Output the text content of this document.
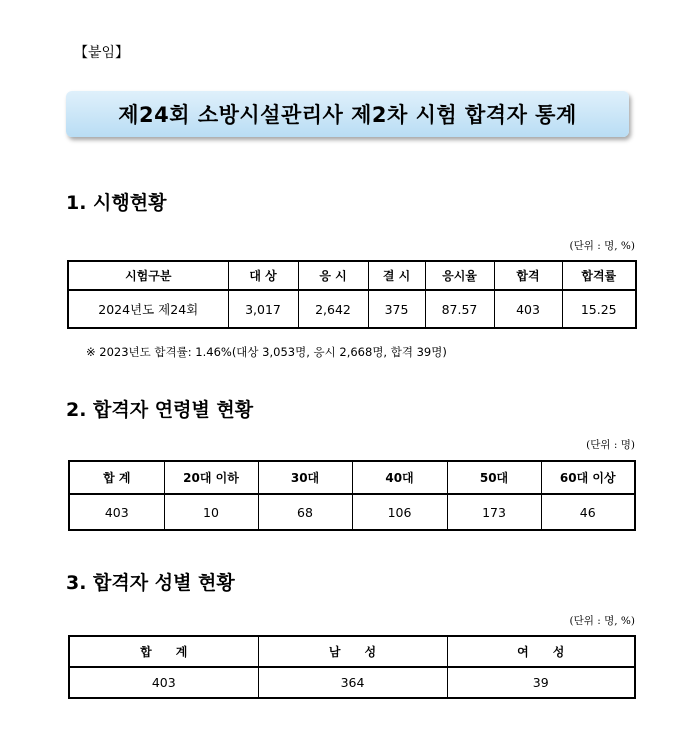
【붙임】
제24회 소방시설관리사 제2차 시험 합격자 통계
1. 시행현황
(단위 : 명, %)
시험구분	대 상	응 시	결 시	응시율	합격	합격률
2024년도 제24회	3,017	2,642	375	87.57	403	15.25
※ 2023년도 합격률: 1.46%(대상 3,053명, 응시 2,668명, 합격 39명)
2. 합격자 연령별 현황
(단위 : 명)
합 계	20대 이하	30대	40대	50대	60대 이상
403	10	68	106	173	46
3. 합격자 성별 현황
(단위 : 명, %)
합　　계	남　　성	여　　성
403	364	39
